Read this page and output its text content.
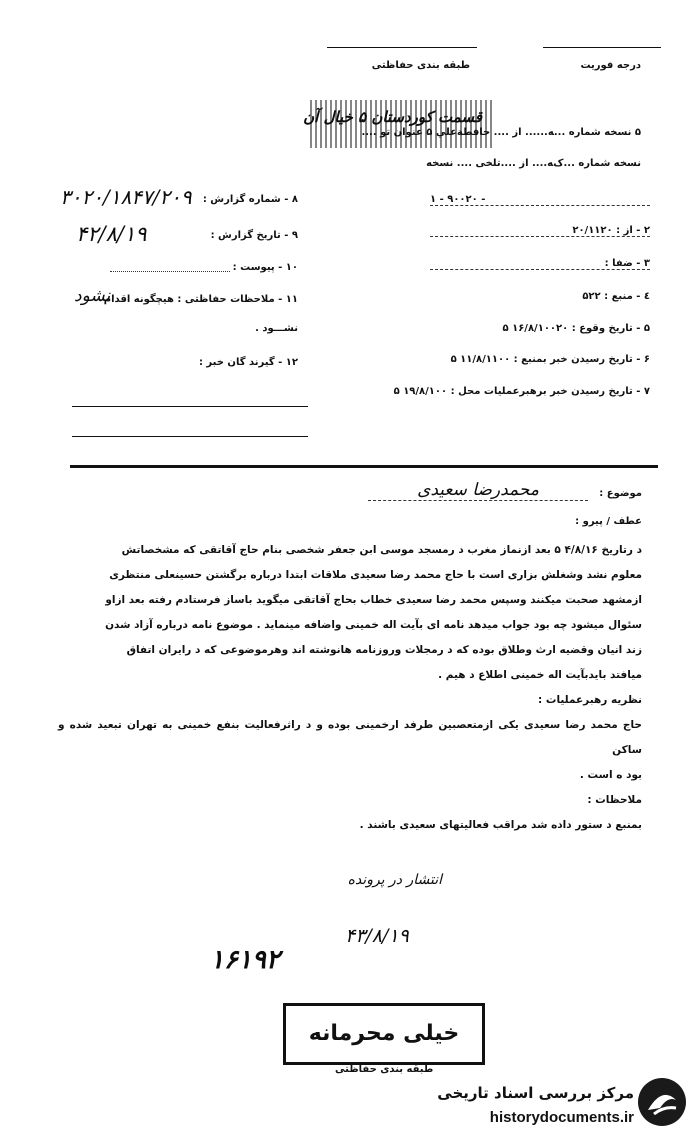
درجه فوریت
طبقه بندی حفاظتی
قسمت کوردستان ۵ خيال آن
۵ نسخه شماره ...ﻪ...... از .... حاﻓﻄﺔﻋﻠﻲ ۵ عنوان تو ....
نسخه شماره ...کﻪ.... از ....تلخی .... نسخه
۱ - ۹۰۰۲۰ -
۲ - از : ۲۰/۱۱۲۰
۳ - ضفا :
٤ - منبع : ۵۲۲
۵ - تاریخ وقوع : ۱۶/۸/۱۰۰۲۰ ۵
۶ - تاریخ رسیدن خبر بمنبع : ۱۱/۸/۱۱۰۰ ۵
۷ - تاریخ رسیدن خبر برهبرعملیات محل : ۱۹/۸/۱۰۰ ۵
۸ - شماره گزارش :
۳۰۲۰/۱۸۴۷/۲۰۹
۹ - تاریخ گزارش :
۴۲/۸/۱۹
۱۰ - پیوست :
۱۱ - ملاحظات حفاظتی : هیچگونه اقدام
نشود
نشـــود .
۱۲ - گیرند گان خبر :
موضوع :
محمدرضا سعیدی
عطف / پیرو :
د رتاریخ ۴/۸/۱۶ ۵ بعد ازنماز مغرب د رمسجد موسی ابن جعفر شخصی بنام حاج آقاتقی که مشخصاتش
معلوم نشد وشغلش بزاری است با حاج محمد رضا سعیدی ملاقات ابتدا درباره برگشتن حسینعلی منتظری
ازمشهد صحبت میکنند وسپس محمد رضا سعیدی خطاب بحاج آقاتقی میگوید باساز فرستادم رفته بعد ازاو
سئوال میشود چه بود جواب میدهد نامه ای بآیت اله خمینی واضافه مینماید . موضوع نامه درباره آزاد شدن
زند انیان وقضیه ارث وطلاق بوده که د رمجلات وروزنامه هانوشته اند وهرموضوعی که د رایران اتفاق
میافتد بایدبآیت اله خمینی اطلاع د هیم .
نظریه رهبرعملیات :
حاج محمد رضا سعیدی یکی ازمتعصبین طرفد ارخمینی بوده و د راثرفعالیت بنفع خمینی به تهران تبعید شده و ساکن
بود ه است .
ملاحظات :
بمنبع د ستور داده شد مراقب فعالیتهای سعیدی باشند .
انتشار در پرونده
۴۳/۸/۱۹
۱۶۱۹۲
خیلی محرمانه
طبقه بندی حفاظتی
مرکز بررسی اسناد تاریخی
historydocuments.ir
